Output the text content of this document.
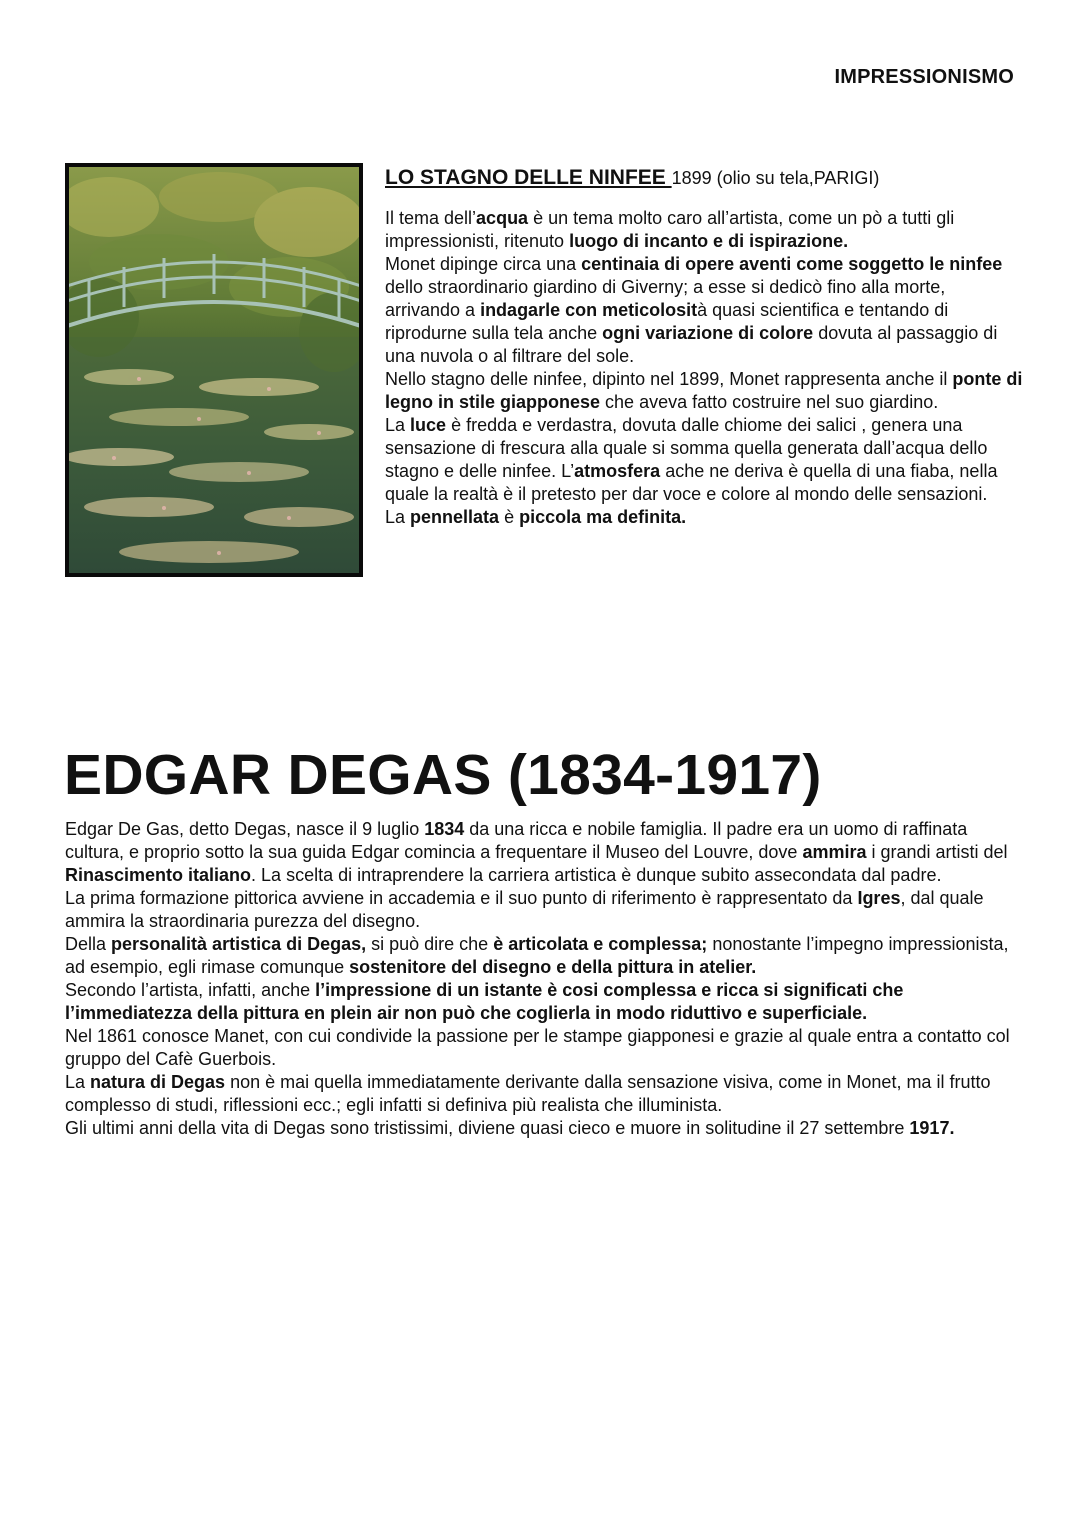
IMPRESSIONISMO

LO STAGNO DELLE NINFEE 1899 (olio su tela,PARIGI)

Il tema dell’acqua è un tema molto caro all’artista, come un pò a tutti gli impressionisti, ritenuto luogo di incanto e di ispirazione.

Monet dipinge circa una centinaia di opere aventi come soggetto le ninfee dello straordinario giardino di Giverny; a esse si dedicò fino alla morte, arrivando a indagarle con meticolosità quasi scientifica e tentando di riprodurne sulla tela anche ogni variazione di colore dovuta al passaggio di una nuvola o al filtrare del sole.

Nello stagno delle ninfee, dipinto nel 1899, Monet rappresenta anche il ponte di legno in stile giapponese che aveva fatto costruire nel suo giardino.

La luce è fredda e verdastra, dovuta dalle chiome dei salici , genera una sensazione di frescura alla quale si somma quella generata dall’acqua dello stagno e delle ninfee. L’atmosfera ache ne deriva è quella di una fiaba, nella quale la realtà è il pretesto per dar voce e colore al mondo delle sensazioni.

La pennellata è piccola ma definita.

EDGAR DEGAS (1834-1917)

Edgar De Gas, detto Degas, nasce il 9 luglio 1834 da una ricca e nobile famiglia. Il padre era un uomo di raffinata cultura, e proprio sotto la sua guida Edgar comincia a frequentare il Museo del Louvre, dove ammira i grandi artisti del Rinascimento italiano. La scelta di intraprendere la carriera artistica è dunque subito assecondata dal padre.

La prima formazione pittorica avviene in accademia e il suo punto di riferimento è rappresentato da Igres, dal quale ammira la straordinaria purezza del disegno.

Della personalità artistica di Degas, si può dire che è articolata e complessa; nonostante l’impegno impressionista, ad esempio, egli rimase comunque sostenitore del disegno e della pittura in atelier.

Secondo l’artista, infatti, anche l’impressione di un istante è cosi complessa e ricca si significati che l’immediatezza della pittura en plein air non può che coglierla in modo riduttivo e superficiale.

Nel 1861 conosce Manet, con cui condivide la passione per le stampe giapponesi e grazie al quale entra a contatto col gruppo del Cafè Guerbois.

La natura di Degas non è mai quella immediatamente derivante dalla sensazione visiva, come in Monet, ma il frutto complesso di studi, riflessioni ecc.; egli infatti si definiva più realista che illuminista.

Gli ultimi anni della vita di Degas sono tristissimi, diviene quasi cieco e muore in solitudine il 27 settembre 1917.
